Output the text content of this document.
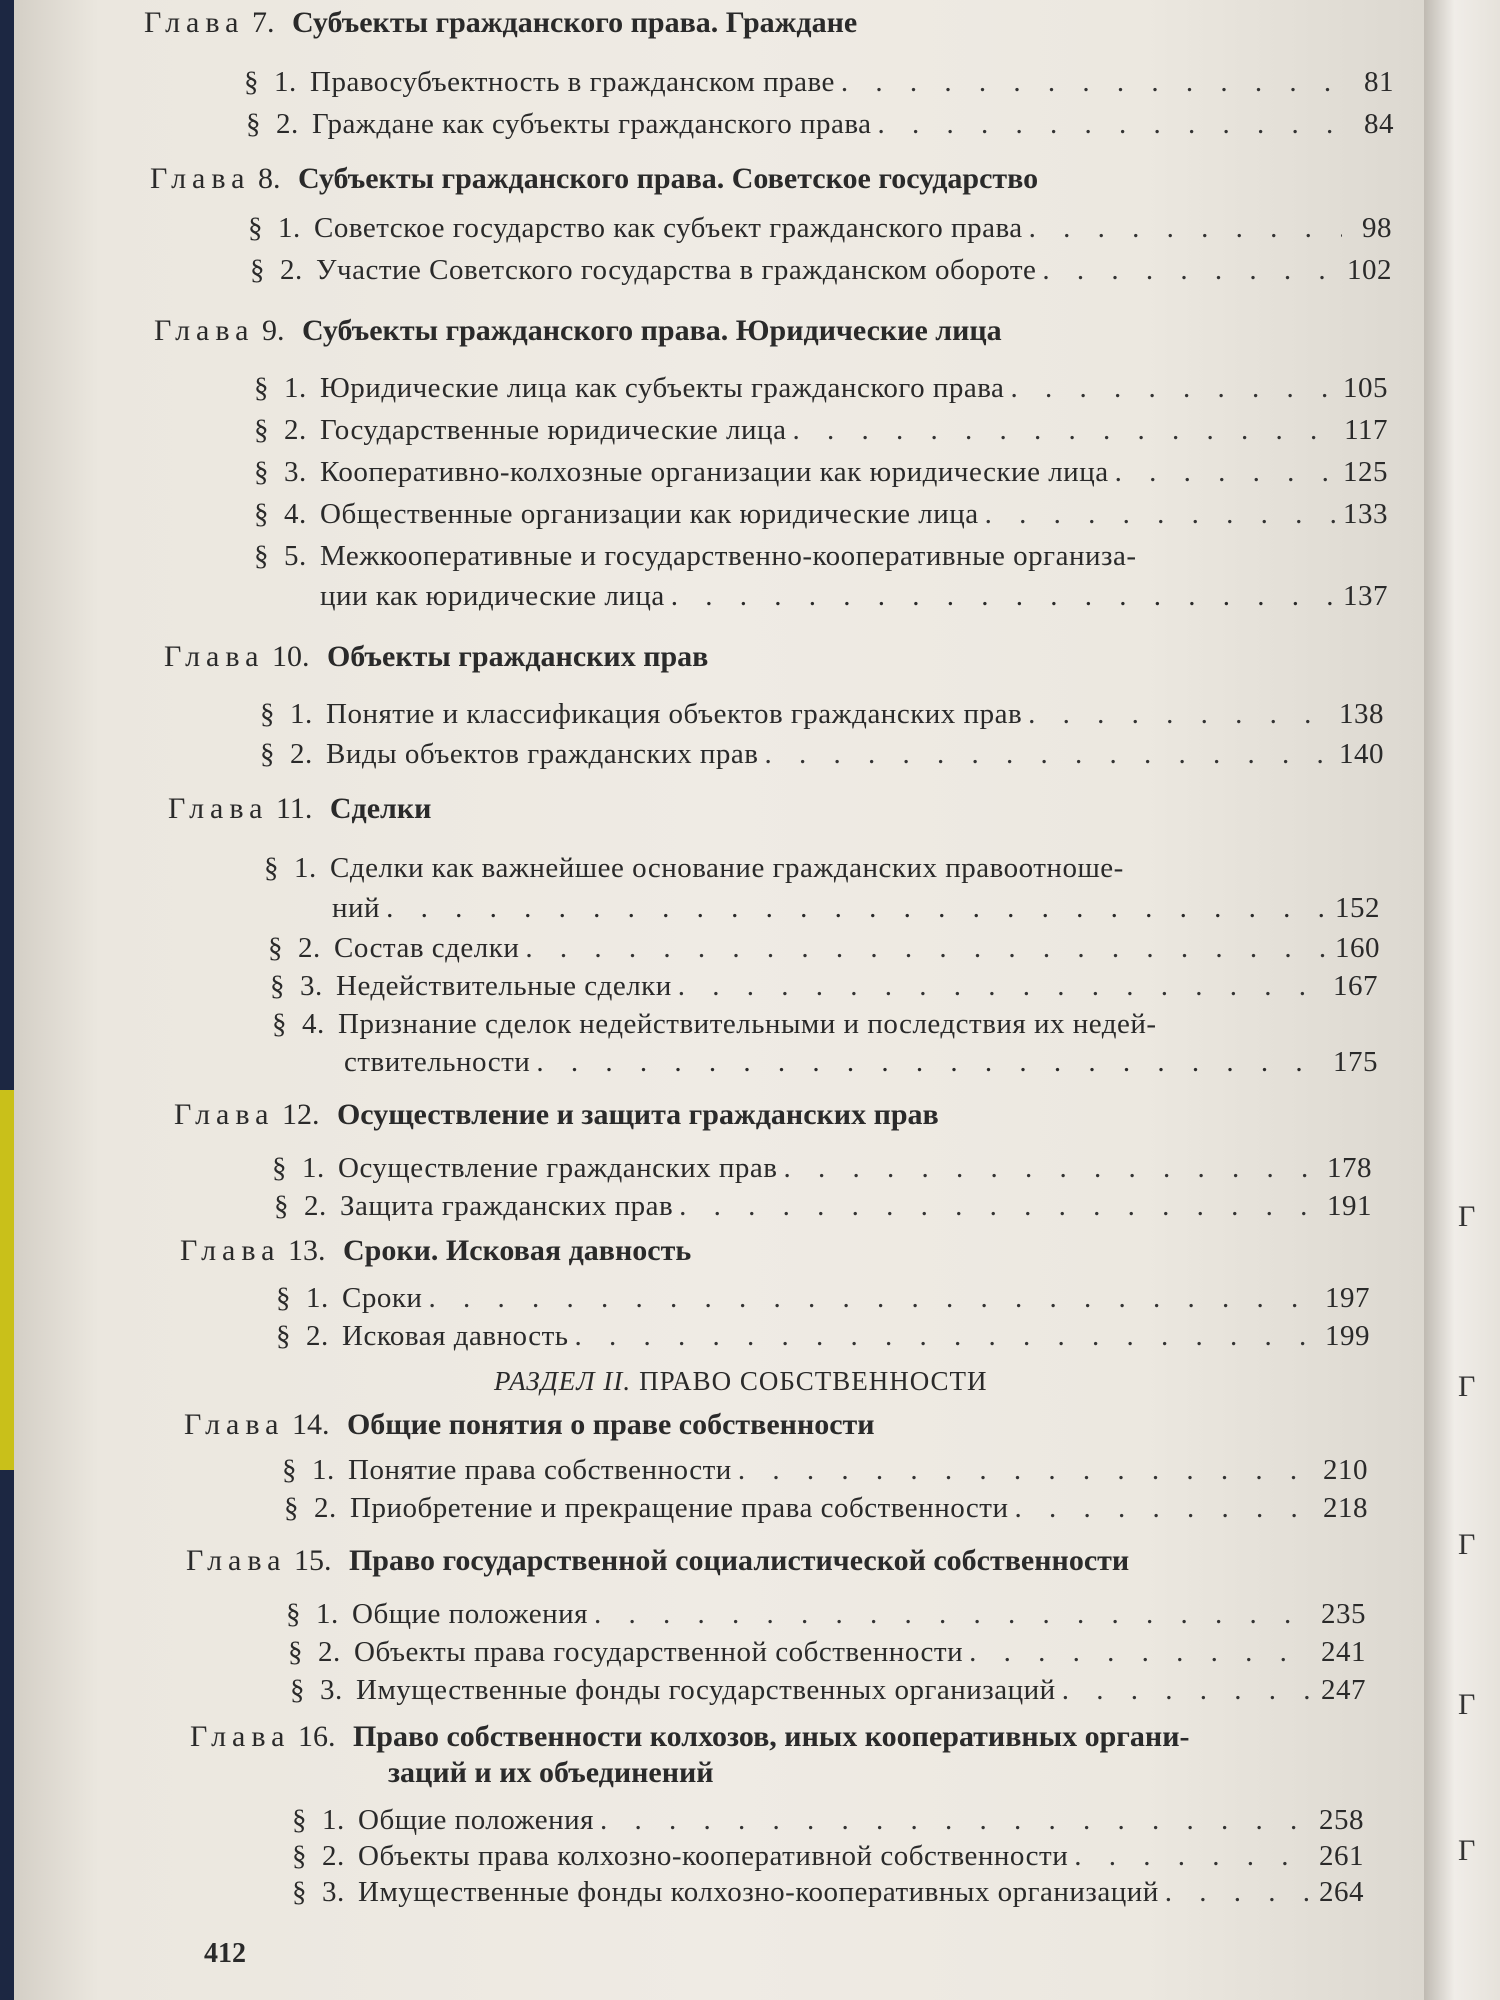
Глава 7. Субъекты гражданского права. Граждане
§ 1. Правосубъектность в гражданском праве . . .	81
§ 2. Граждане как субъекты гражданского права . . .	84
Глава 8. Субъекты гражданского права. Советское государство
§ 1. Советское государство как субъект гражданского права . . .	98
§ 2. Участие Советского государства в гражданском обороте . . .	102
Глава 9. Субъекты гражданского права. Юридические лица
§ 1. Юридические лица как субъекты гражданского права . . .	105
§ 2. Государственные юридические лица . . .	117
§ 3. Кооперативно-колхозные организации как юридические лица . . .	125
§ 4. Общественные организации как юридические лица . . .	133
§ 5. Межкооперативные и государственно-кооперативные организа-
ции как юридические лица . . .	137
Глава 10. Объекты гражданских прав
§ 1. Понятие и классификация объектов гражданских прав . . .	138
§ 2. Виды объектов гражданских прав . . .	140
Глава 11. Сделки
§ 1. Сделки как важнейшее основание гражданских правоотноше-
ний . . .	152
§ 2. Состав сделки . . .	160
§ 3. Недействительные сделки . . .	167
§ 4. Признание сделок недействительными и последствия их недей-
ствительности . . .	175
Глава 12. Осуществление и защита гражданских прав
§ 1. Осуществление гражданских прав . . .	178
§ 2. Защита гражданских прав . . .	191
Глава 13. Сроки. Исковая давность
§ 1. Сроки . . .	197
§ 2. Исковая давность . . .	199
РАЗДЕЛ II. ПРАВО СОБСТВЕННОСТИ
Глава 14. Общие понятия о праве собственности
§ 1. Понятие права собственности . . .	210
§ 2. Приобретение и прекращение права собственности . . .	218
Глава 15. Право государственной социалистической собственности
§ 1. Общие положения . . .	235
§ 2. Объекты права государственной собственности . . .	241
§ 3. Имущественные фонды государственных организаций . . .	247
Глава 16. Право собственности колхозов, иных кооперативных органи-
заций и их объединений
§ 1. Общие положения . . .	258
§ 2. Объекты права колхозно-кооперативной собственности . . .	261
§ 3. Имущественные фонды колхозно-кооперативных организаций . . .	264
412
Г
Г
Г
Г
Г
